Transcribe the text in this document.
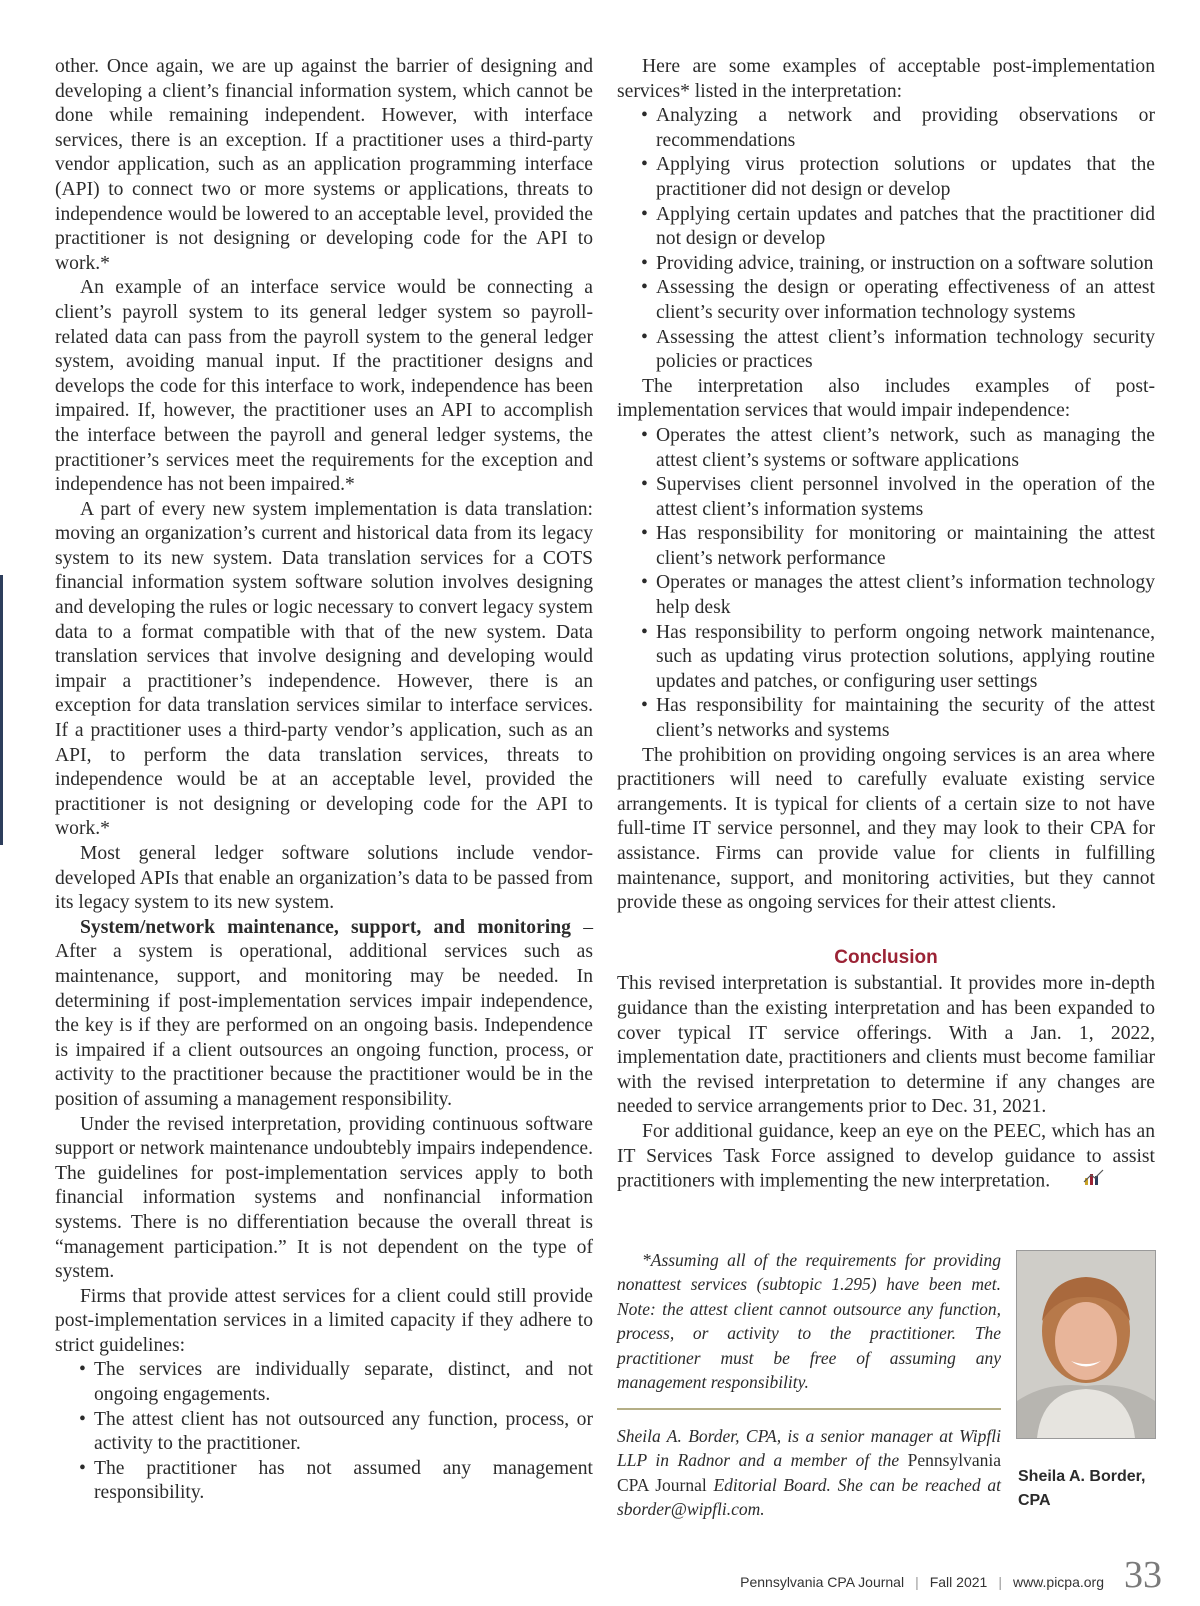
other. Once again, we are up against the barrier of designing and developing a client’s financial information system, which cannot be done while remaining independent. However, with interface services, there is an exception. If a practitioner uses a third-party vendor application, such as an application programming interface (API) to connect two or more systems or applications, threats to independence would be lowered to an acceptable level, provided the practitioner is not designing or developing code for the API to work.*

An example of an interface service would be connecting a client’s payroll system to its general ledger system so payroll-related data can pass from the payroll system to the general ledger system, avoiding manual input. If the practitioner designs and develops the code for this interface to work, independence has been impaired. If, however, the practitioner uses an API to accomplish the interface between the payroll and general ledger systems, the practitioner’s services meet the requirements for the exception and independence has not been impaired.*

A part of every new system implementation is data translation: moving an organization’s current and historical data from its legacy system to its new system. Data translation services for a COTS financial information system software solution involves designing and developing the rules or logic necessary to convert legacy system data to a format compatible with that of the new system. Data translation services that involve designing and developing would impair a practitioner’s independence. However, there is an exception for data translation services similar to interface services. If a practitioner uses a third-party vendor’s application, such as an API, to perform the data translation services, threats to independence would be at an acceptable level, provided the practitioner is not designing or developing code for the API to work.*

Most general ledger software solutions include vendor-developed APIs that enable an organization’s data to be passed from its legacy system to its new system.

System/network maintenance, support, and monitoring – After a system is operational, additional services such as maintenance, support, and monitoring may be needed. In determining if post-implementation services impair independence, the key is if they are performed on an ongoing basis. Independence is impaired if a client outsources an ongoing function, process, or activity to the practitioner because the practitioner would be in the position of assuming a management responsibility.

Under the revised interpretation, providing continuous software support or network maintenance undoubtebly impairs independence. The guidelines for post-implementation services apply to both financial information systems and nonfinancial information systems. There is no differentiation because the overall threat is “management participation.” It is not dependent on the type of system.

Firms that provide attest services for a client could still provide post-implementation services in a limited capacity if they adhere to strict guidelines:

• The services are individually separate, distinct, and not ongoing engagements.
• The attest client has not outsourced any function, process, or activity to the practitioner.
• The practitioner has not assumed any management responsibility.

Here are some examples of acceptable post-implementation services* listed in the interpretation:

• Analyzing a network and providing observations or recommendations
• Applying virus protection solutions or updates that the practitioner did not design or develop
• Applying certain updates and patches that the practitioner did not design or develop
• Providing advice, training, or instruction on a software solution
• Assessing the design or operating effectiveness of an attest client’s security over information technology systems
• Assessing the attest client’s information technology security policies or practices

The interpretation also includes examples of post-implementation services that would impair independence:

• Operates the attest client’s network, such as managing the attest client’s systems or software applications
• Supervises client personnel involved in the operation of the attest client’s information systems
• Has responsibility for monitoring or maintaining the attest client’s network performance
• Operates or manages the attest client’s information technology help desk
• Has responsibility to perform ongoing network maintenance, such as updating virus protection solutions, applying routine updates and patches, or configuring user settings
• Has responsibility for maintaining the security of the attest client’s networks and systems

The prohibition on providing ongoing services is an area where practitioners will need to carefully evaluate existing service arrangements. It is typical for clients of a certain size to not have full-time IT service personnel, and they may look to their CPA for assistance. Firms can provide value for clients in fulfilling maintenance, support, and monitoring activities, but they cannot provide these as ongoing services for their attest clients.

Conclusion

This revised interpretation is substantial. It provides more in-depth guidance than the existing interpretation and has been expanded to cover typical IT service offerings. With a Jan. 1, 2022, implementation date, practitioners and clients must become familiar with the revised interpretation to determine if any changes are needed to service arrangements prior to Dec. 31, 2021.

For additional guidance, keep an eye on the PEEC, which has an IT Services Task Force assigned to develop guidance to assist practitioners with implementing the new interpretation.

*Assuming all of the requirements for providing nonattest services (subtopic 1.295) have been met. Note: the attest client cannot outsource any function, process, or activity to the practitioner. The practitioner must be free of assuming any management responsibility.

Sheila A. Border, CPA, is a senior manager at Wipfli LLP in Radnor and a member of the Pennsylvania CPA Journal Editorial Board. She can be reached at sborder@wipfli.com.

Sheila A. Border, CPA
Pennsylvania CPA Journal | Fall 2021 | www.picpa.org 33
